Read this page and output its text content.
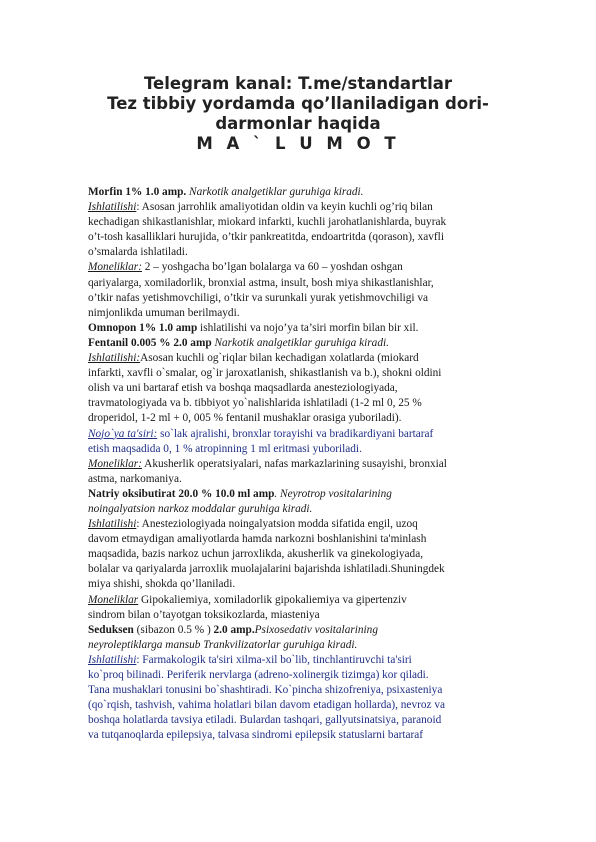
Telegram kanal: T.me/standartlar
Tez tibbiy yordamda qo’llaniladigan dori-
darmonlar haqida
M A ` L U M O T
Morfin 1% 1.0 amp. Narkotik analgetiklar guruhiga kiradi.
Ishlatilishi: Asosan jarrohlik amaliyotidan oldin va keyin kuchli og’riq bilan
kechadigan shikastlanishlar, miokard infarkti, kuchli jarohatlanishlarda, buyrak
o’t-tosh kasalliklari hurujida, o’tkir pankreatitda, endoartritda (qorason), xavfli
o’smalarda ishlatiladi.
Moneliklar: 2 – yoshgacha bo’lgan bolalarga va 60 – yoshdan oshgan
qariyalarga, xomiladorlik, bronxial astma, insult, bosh miya shikastlanishlar,
o’tkir nafas yetishmovchiligi, o’tkir va surunkali yurak yetishmovchiligi va
nimjonlikda umuman berilmaydi.
Omnopon 1% 1.0 amp ishlatilishi va nojo’ya ta’siri morfin bilan bir xil.
Fentanil 0.005 % 2.0 amp Narkotik analgetiklar guruhiga kiradi.
Ishlatilishi:Asosan kuchli og`riqlar bilan kechadigan xolatlarda (miokard
infarkti, xavfli o`smalar, og`ir jaroxatlanish, shikastlanish va b.), shokni oldini
olish va uni bartaraf etish va boshqa maqsadlarda anesteziologiyada,
travmatologiyada va b. tibbiyot yo`nalishlarida ishlatiladi (1-2 ml 0, 25 %
droperidol, 1-2 ml + 0, 005 % fentanil mushaklar orasiga yuboriladi).
Nojo`ya ta'siri: so`lak ajralishi, bronxlar torayishi va bradikardiyani bartaraf
etish maqsadida 0, 1 % atropinning 1 ml eritmasi yuboriladi.
Moneliklar: Akusherlik operatsiyalari, nafas markazlarining susayishi, bronxial
astma, narkomaniya.
Natriy oksibutirat 20.0 % 10.0 ml amp. Neyrotrop vositalarining
noingalyatsion narkoz moddalar guruhiga kiradi.
Ishlatilishi: Anesteziologiyada noingalyatsion modda sifatida engil, uzoq
davom etmaydigan amaliyotlarda hamda narkozni boshlanishini ta'minlash
maqsadida, bazis narkoz uchun jarroxlikda, akusherlik va ginekologiyada,
bolalar va qariyalarda jarroxlik muolajalarini bajarishda ishlatiladi.Shuningdek
miya shishi, shokda qo’llaniladi.
Moneliklar Gipokaliemiya, xomiladorlik gipokaliemiya va gipertenziv
sindrom bilan o’tayotgan toksikozlarda, miasteniya
Seduksen (sibazon 0.5 % ) 2.0 amp.Psixosedativ vositalarining
neyroleptiklarga mansub Trankvilizatorlar guruhiga kiradi.
Ishlatilishi: Farmakologik ta'siri xilma-xil bo`lib, tinchlantiruvchi ta'siri
ko`proq bilinadi. Periferik nervlarga (adreno-xolinergik tizimga) kor qiladi.
Tana mushaklari tonusini bo`shashtiradi. Ko`pincha shizofreniya, psixasteniya
(qo`rqish, tashvish, vahima holatlari bilan davom etadigan hollarda), nevroz va
boshqa holatlarda tavsiya etiladi. Bulardan tashqari, gallyutsinatsiya, paranoid
va tutqanoqlarda epilepsiya, talvasa sindromi epilepsik statuslarni bartaraf
